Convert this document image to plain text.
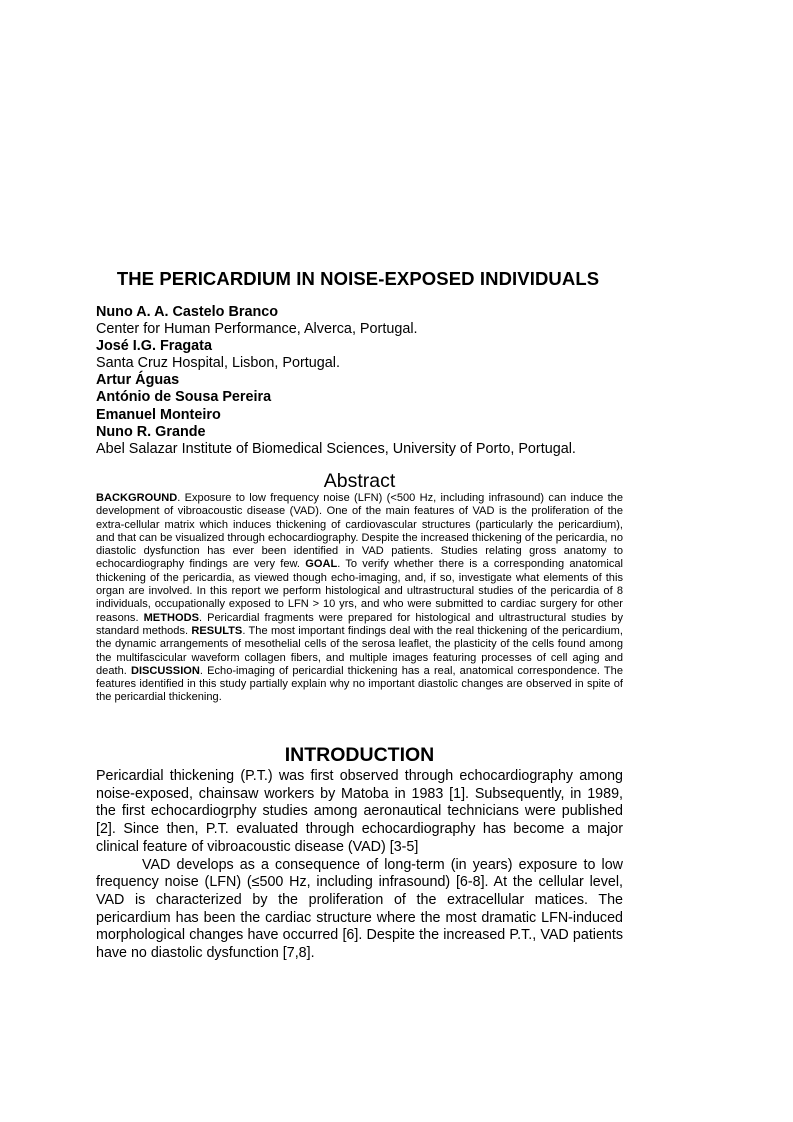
THE PERICARDIUM IN NOISE-EXPOSED INDIVIDUALS
Nuno A. A. Castelo Branco
Center for Human Performance, Alverca, Portugal.
José I.G. Fragata
Santa Cruz Hospital, Lisbon, Portugal.
Artur Águas
António de Sousa Pereira
Emanuel Monteiro
Nuno R. Grande
Abel Salazar Institute of Biomedical Sciences, University of Porto, Portugal.
Abstract
BACKGROUND. Exposure to low frequency noise (LFN) (<500 Hz, including infrasound) can induce the development of vibroacoustic disease (VAD). One of the main features of VAD is the proliferation of the extra-cellular matrix which induces thickening of cardiovascular structures (particularly the pericardium), and that can be visualized through echocardiography. Despite the increased thickening of the pericardia, no diastolic dysfunction has ever been identified in VAD patients. Studies relating gross anatomy to echocardiography findings are very few. GOAL. To verify whether there is a corresponding anatomical thickening of the pericardia, as viewed though echo-imaging, and, if so, investigate what elements of this organ are involved. In this report we perform histological and ultrastructural studies of the pericardia of 8 individuals, occupationally exposed to LFN > 10 yrs, and who were submitted to cardiac surgery for other reasons. METHODS. Pericardial fragments were prepared for histological and ultrastructural studies by standard methods. RESULTS. The most important findings deal with the real thickening of the pericardium, the dynamic arrangements of mesothelial cells of the serosa leaflet, the plasticity of the cells found among the multifascicular waveform collagen fibers, and multiple images featuring processes of cell aging and death. DISCUSSION. Echo-imaging of pericardial thickening has a real, anatomical correspondence. The features identified in this study partially explain why no important diastolic changes are observed in spite of the pericardial thickening.
INTRODUCTION

Pericardial thickening (P.T.) was first observed through echocardiography among noise-exposed, chainsaw workers by Matoba in 1983 [1]. Subsequently, in 1989, the first echocardiogrphy studies among aeronautical technicians were published [2]. Since then, P.T. evaluated through echocardiography has become a major clinical feature of vibroacoustic disease (VAD) [3-5]

VAD develops as a consequence of long-term (in years) exposure to low frequency noise (LFN) (≤500 Hz, including infrasound) [6-8]. At the cellular level, VAD is characterized by the proliferation of the extracellular matices. The pericardium has been the cardiac structure where the most dramatic LFN-induced morphological changes have occurred [6]. Despite the increased P.T., VAD patients have no diastolic dysfunction [7,8].
